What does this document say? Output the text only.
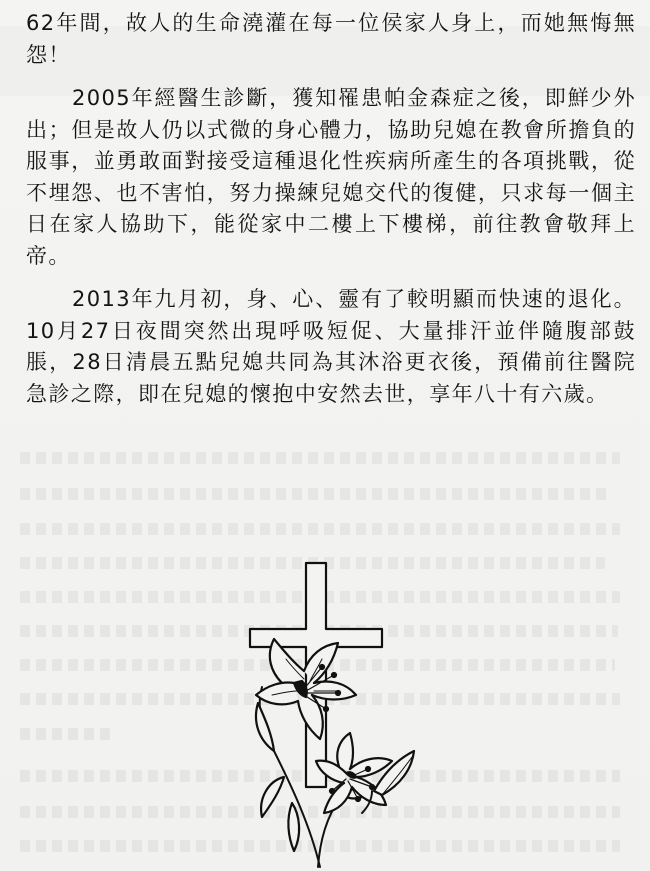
62年間，故人的生命澆灌在每一位侯家人身上，而她無悔無怨！

2005年經醫生診斷，獲知罹患帕金森症之後，即鮮少外出；但是故人仍以式微的身心體力，協助兒媳在教會所擔負的服事，並勇敢面對接受這種退化性疾病所產生的各項挑戰，從不埋怨、也不害怕，努力操練兒媳交代的復健，只求每一個主日在家人協助下，能從家中二樓上下樓梯，前往教會敬拜上帝。

2013年九月初，身、心、靈有了較明顯而快速的退化。10月27日夜間突然出現呼吸短促、大量排汗並伴隨腹部鼓脹，28日清晨五點兒媳共同為其沐浴更衣後，預備前往醫院急診之際，即在兒媳的懷抱中安然去世，享年八十有六歲。
